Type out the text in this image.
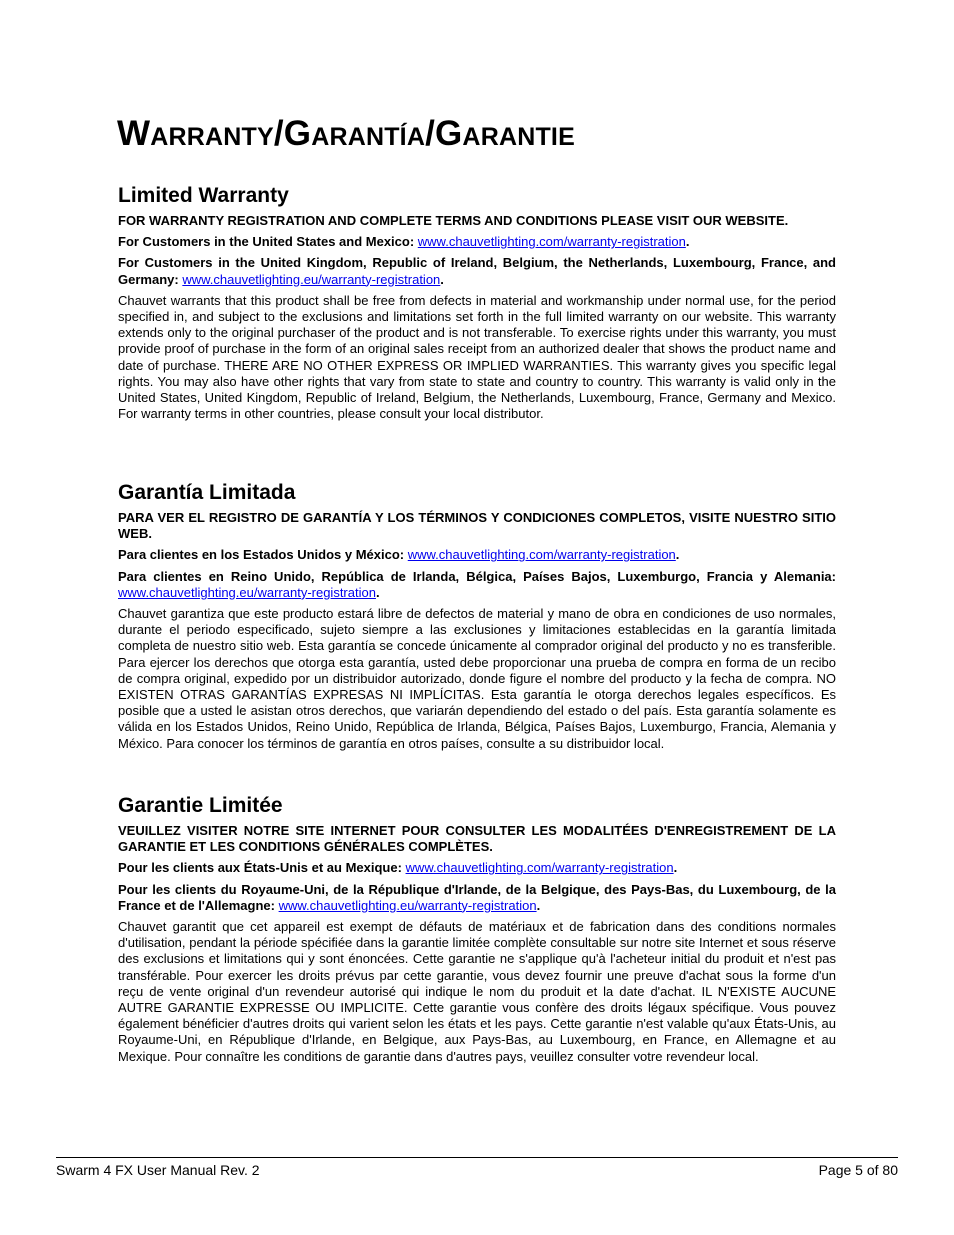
Warranty/Garantía/Garantie
Limited Warranty

FOR WARRANTY REGISTRATION AND COMPLETE TERMS AND CONDITIONS PLEASE VISIT OUR WEBSITE.

For Customers in the United States and Mexico: www.chauvetlighting.com/warranty-registration.

For Customers in the United Kingdom, Republic of Ireland, Belgium, the Netherlands, Luxembourg, France, and Germany: www.chauvetlighting.eu/warranty-registration.

Chauvet warrants that this product shall be free from defects in material and workmanship under normal use, for the period specified in, and subject to the exclusions and limitations set forth in the full limited warranty on our website. This warranty extends only to the original purchaser of the product and is not transferable. To exercise rights under this warranty, you must provide proof of purchase in the form of an original sales receipt from an authorized dealer that shows the product name and date of purchase. THERE ARE NO OTHER EXPRESS OR IMPLIED WARRANTIES. This warranty gives you specific legal rights. You may also have other rights that vary from state to state and country to country. This warranty is valid only in the United States, United Kingdom, Republic of Ireland, Belgium, the Netherlands, Luxembourg, France, Germany and Mexico. For warranty terms in other countries, please consult your local distributor.

Garantía Limitada

PARA VER EL REGISTRO DE GARANTÍA Y LOS TÉRMINOS Y CONDICIONES COMPLETOS, VISITE NUESTRO SITIO WEB.

Para clientes en los Estados Unidos y México: www.chauvetlighting.com/warranty-registration.

Para clientes en Reino Unido, República de Irlanda, Bélgica, Países Bajos, Luxemburgo, Francia y Alemania: www.chauvetlighting.eu/warranty-registration.

Chauvet garantiza que este producto estará libre de defectos de material y mano de obra en condiciones de uso normales, durante el periodo especificado, sujeto siempre a las exclusiones y limitaciones establecidas en la garantía limitada completa de nuestro sitio web. Esta garantía se concede únicamente al comprador original del producto y no es transferible. Para ejercer los derechos que otorga esta garantía, usted debe proporcionar una prueba de compra en forma de un recibo de compra original, expedido por un distribuidor autorizado, donde figure el nombre del producto y la fecha de compra. NO EXISTEN OTRAS GARANTÍAS EXPRESAS NI IMPLÍCITAS. Esta garantía le otorga derechos legales específicos. Es posible que a usted le asistan otros derechos, que variarán dependiendo del estado o del país. Esta garantía solamente es válida en los Estados Unidos, Reino Unido, República de Irlanda, Bélgica, Países Bajos, Luxemburgo, Francia, Alemania y México. Para conocer los términos de garantía en otros países, consulte a su distribuidor local.

Garantie Limitée

VEUILLEZ VISITER NOTRE SITE INTERNET POUR CONSULTER LES MODALITÉES D'ENREGISTREMENT DE LA GARANTIE ET LES CONDITIONS GÉNÉRALES COMPLÈTES.

Pour les clients aux États-Unis et au Mexique: www.chauvetlighting.com/warranty-registration.

Pour les clients du Royaume-Uni, de la République d'Irlande, de la Belgique, des Pays-Bas, du Luxembourg, de la France et de l'Allemagne: www.chauvetlighting.eu/warranty-registration.

Chauvet garantit que cet appareil est exempt de défauts de matériaux et de fabrication dans des conditions normales d'utilisation, pendant la période spécifiée dans la garantie limitée complète consultable sur notre site Internet et sous réserve des exclusions et limitations qui y sont énoncées. Cette garantie ne s'applique qu'à l'acheteur initial du produit et n'est pas transférable. Pour exercer les droits prévus par cette garantie, vous devez fournir une preuve d'achat sous la forme d'un reçu de vente original d'un revendeur autorisé qui indique le nom du produit et la date d'achat. IL N'EXISTE AUCUNE AUTRE GARANTIE EXPRESSE OU IMPLICITE. Cette garantie vous confère des droits légaux spécifique. Vous pouvez également bénéficier d'autres droits qui varient selon les états et les pays. Cette garantie n'est valable qu'aux États-Unis, au Royaume-Uni, en République d'Irlande, en Belgique, aux Pays-Bas, au Luxembourg, en France, en Allemagne et au Mexique. Pour connaître les conditions de garantie dans d'autres pays, veuillez consulter votre revendeur local.

Swarm 4 FX User Manual Rev. 2	Page 5 of 80
